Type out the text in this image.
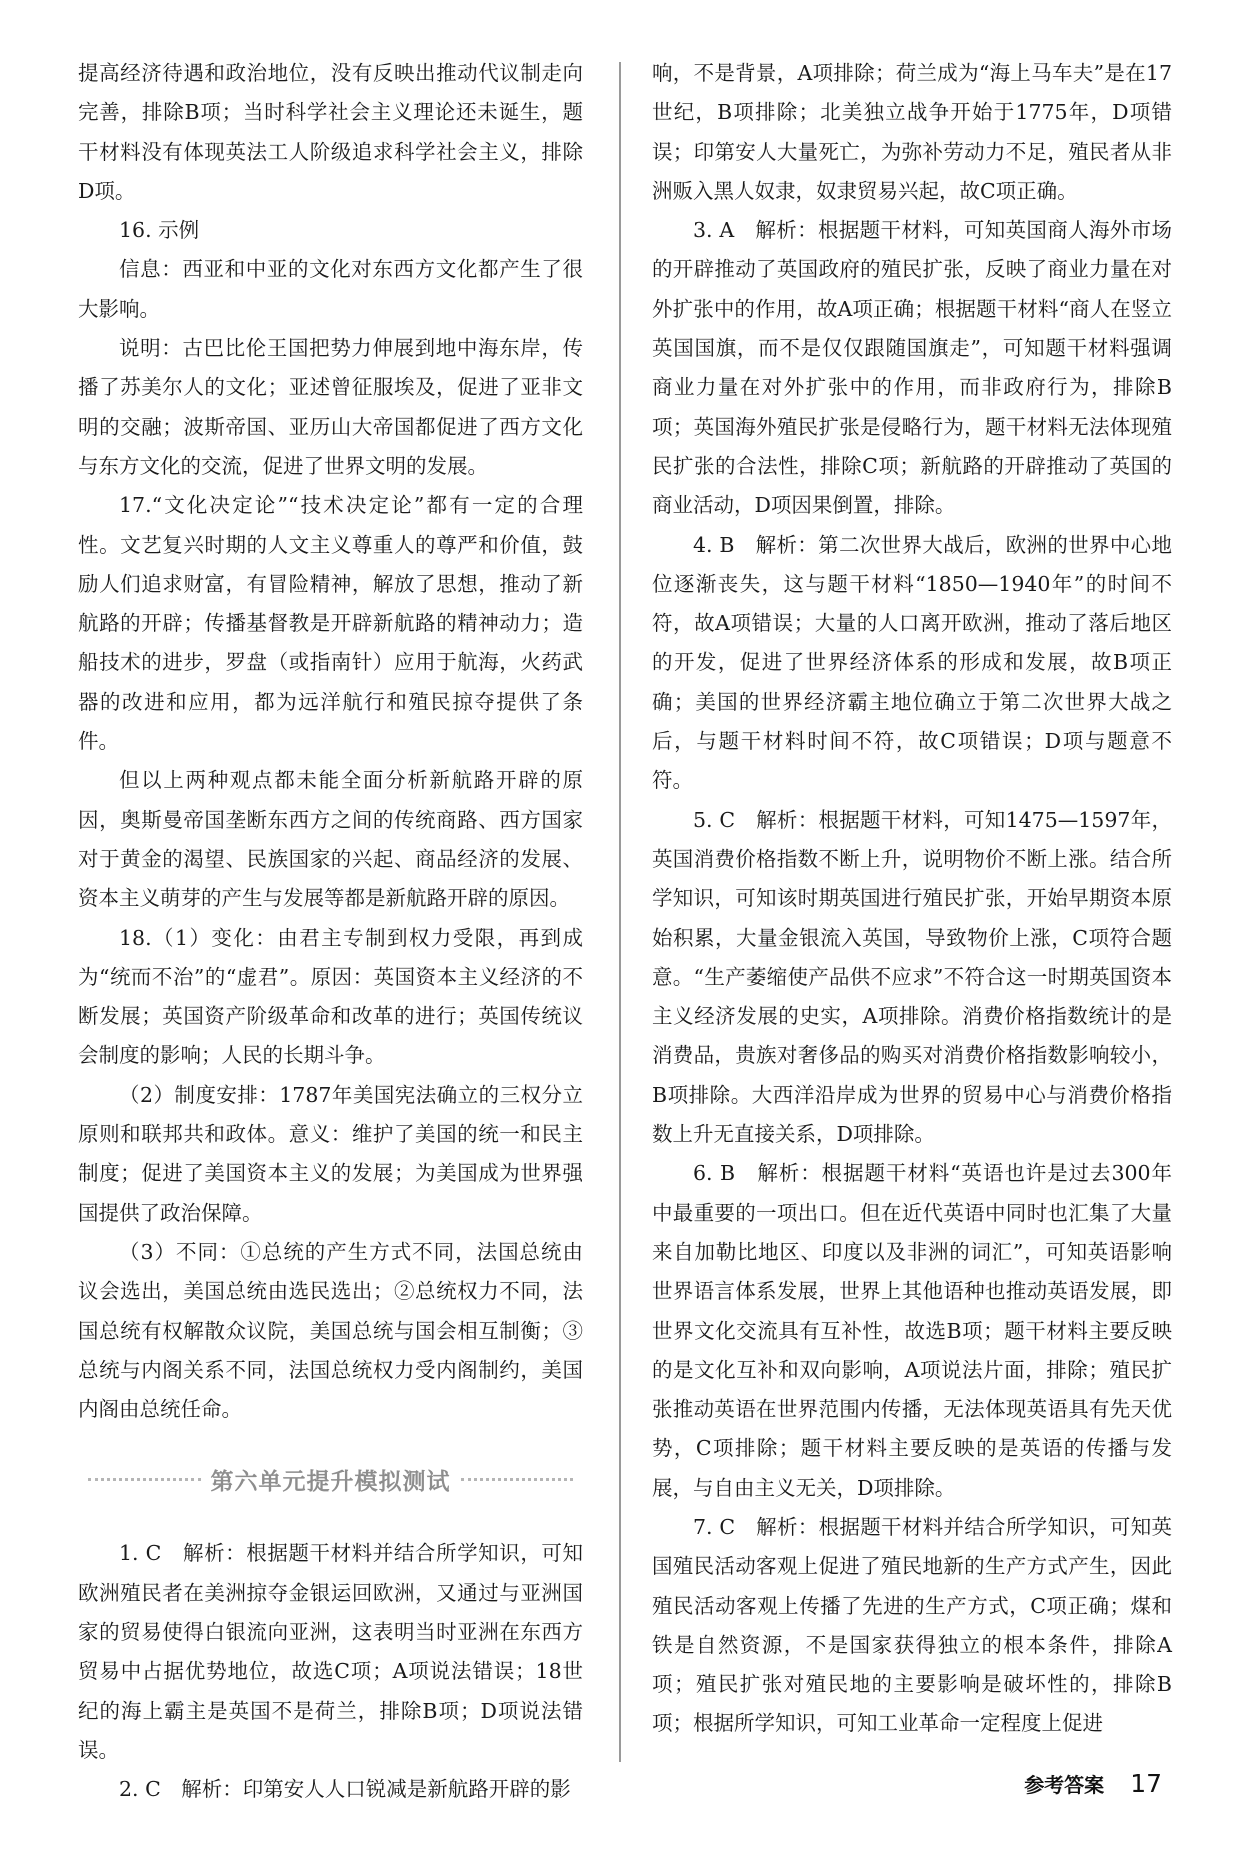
提高经济待遇和政治地位，没有反映出推动代议制走向完善，排除B项；当时科学社会主义理论还未诞生，题干材料没有体现英法工人阶级追求科学社会主义，排除D项。

16. 示例

信息：西亚和中亚的文化对东西方文化都产生了很大影响。

说明：古巴比伦王国把势力伸展到地中海东岸，传播了苏美尔人的文化；亚述曾征服埃及，促进了亚非文明的交融；波斯帝国、亚历山大帝国都促进了西方文化与东方文化的交流，促进了世界文明的发展。

17.“文化决定论”“技术决定论”都有一定的合理性。文艺复兴时期的人文主义尊重人的尊严和价值，鼓励人们追求财富，有冒险精神，解放了思想，推动了新航路的开辟；传播基督教是开辟新航路的精神动力；造船技术的进步，罗盘（或指南针）应用于航海，火药武器的改进和应用，都为远洋航行和殖民掠夺提供了条件。

但以上两种观点都未能全面分析新航路开辟的原因，奥斯曼帝国垄断东西方之间的传统商路、西方国家对于黄金的渴望、民族国家的兴起、商品经济的发展、资本主义萌芽的产生与发展等都是新航路开辟的原因。

18.（1）变化：由君主专制到权力受限，再到成为“统而不治”的“虚君”。原因：英国资本主义经济的不断发展；英国资产阶级革命和改革的进行；英国传统议会制度的影响；人民的长期斗争。

（2）制度安排：1787年美国宪法确立的三权分立原则和联邦共和政体。意义：维护了美国的统一和民主制度；促进了美国资本主义的发展；为美国成为世界强国提供了政治保障。

（3）不同：①总统的产生方式不同，法国总统由议会选出，美国总统由选民选出；②总统权力不同，法国总统有权解散众议院，美国总统与国会相互制衡；③总统与内阁关系不同，法国总统权力受内阁制约，美国内阁由总统任命。

第六单元提升模拟测试

1. C　解析：根据题干材料并结合所学知识，可知欧洲殖民者在美洲掠夺金银运回欧洲，又通过与亚洲国家的贸易使得白银流向亚洲，这表明当时亚洲在东西方贸易中占据优势地位，故选C项；A项说法错误；18世纪的海上霸主是英国不是荷兰，排除B项；D项说法错误。

2. C　解析：印第安人人口锐减是新航路开辟的影

响，不是背景，A项排除；荷兰成为“海上马车夫”是在17世纪，B项排除；北美独立战争开始于1775年，D项错误；印第安人大量死亡，为弥补劳动力不足，殖民者从非洲贩入黑人奴隶，奴隶贸易兴起，故C项正确。

3. A　解析：根据题干材料，可知英国商人海外市场的开辟推动了英国政府的殖民扩张，反映了商业力量在对外扩张中的作用，故A项正确；根据题干材料“商人在竖立英国国旗，而不是仅仅跟随国旗走”，可知题干材料强调商业力量在对外扩张中的作用，而非政府行为，排除B项；英国海外殖民扩张是侵略行为，题干材料无法体现殖民扩张的合法性，排除C项；新航路的开辟推动了英国的商业活动，D项因果倒置，排除。

4. B　解析：第二次世界大战后，欧洲的世界中心地位逐渐丧失，这与题干材料“1850—1940年”的时间不符，故A项错误；大量的人口离开欧洲，推动了落后地区的开发，促进了世界经济体系的形成和发展，故B项正确；美国的世界经济霸主地位确立于第二次世界大战之后，与题干材料时间不符，故C项错误；D项与题意不符。

5. C　解析：根据题干材料，可知1475—1597年，英国消费价格指数不断上升，说明物价不断上涨。结合所学知识，可知该时期英国进行殖民扩张，开始早期资本原始积累，大量金银流入英国，导致物价上涨，C项符合题意。“生产萎缩使产品供不应求”不符合这一时期英国资本主义经济发展的史实，A项排除。消费价格指数统计的是消费品，贵族对奢侈品的购买对消费价格指数影响较小，B项排除。大西洋沿岸成为世界的贸易中心与消费价格指数上升无直接关系，D项排除。

6. B　解析：根据题干材料“英语也许是过去300年中最重要的一项出口。但在近代英语中同时也汇集了大量来自加勒比地区、印度以及非洲的词汇”，可知英语影响世界语言体系发展，世界上其他语种也推动英语发展，即世界文化交流具有互补性，故选B项；题干材料主要反映的是文化互补和双向影响，A项说法片面，排除；殖民扩张推动英语在世界范围内传播，无法体现英语具有先天优势，C项排除；题干材料主要反映的是英语的传播与发展，与自由主义无关，D项排除。

7. C　解析：根据题干材料并结合所学知识，可知英国殖民活动客观上促进了殖民地新的生产方式产生，因此殖民活动客观上传播了先进的生产方式，C项正确；煤和铁是自然资源，不是国家获得独立的根本条件，排除A项；殖民扩张对殖民地的主要影响是破坏性的，排除B项；根据所学知识，可知工业革命一定程度上促进

参考答案 17
